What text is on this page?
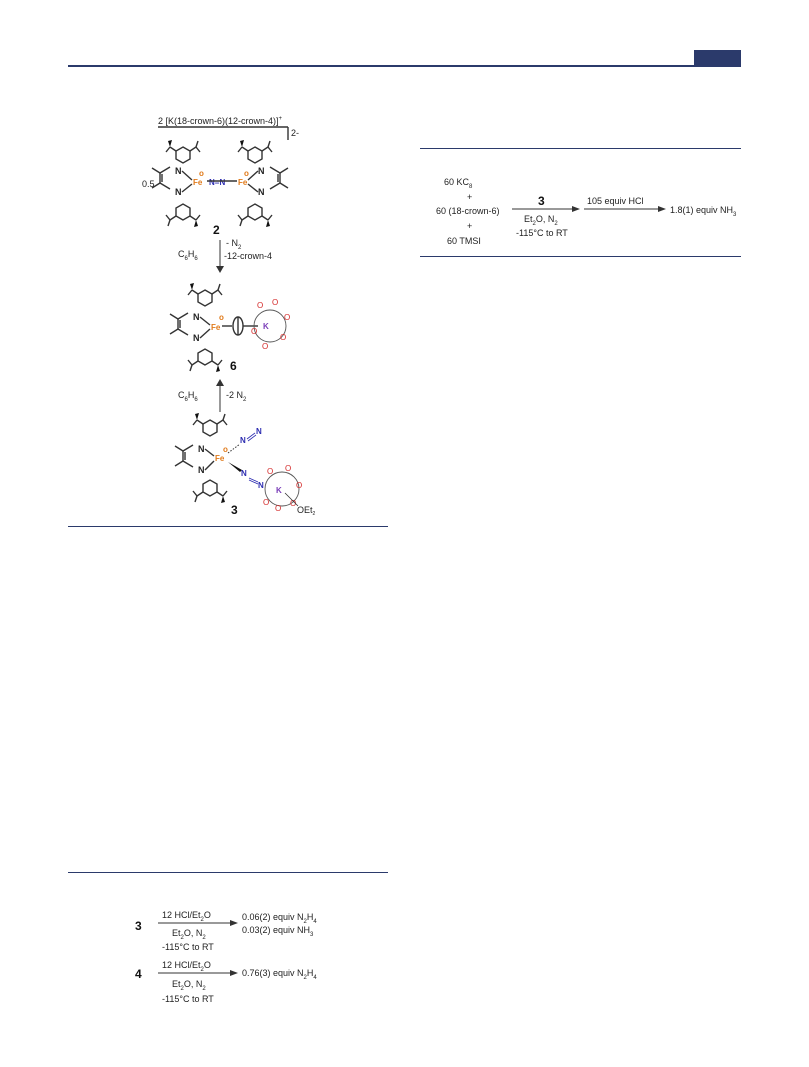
2 [K(18-crown-6)(12-crown-4)]+
2-
0.5
N
N
Fe
o
N=N Fe
o N
N
2
$C_6H_6$
- $N_2$
-12-crown-4
N
N
Fe
o
O O
O
O
O
O
K
6
$C_6H_6$	-2 $N_2$
N
N
Fe
o
N
N
N
N
O O
O
O
O
O
K
OEt$_2$
3
60 $KC_8$
+
60 (18-crown-6)
+
60 TMSI
3
$Et_2O$, $N_2$
-115°C to RT
105 equiv HCl
1.8(1) equiv $NH_3$
3
12 HCl/$Et_2O$
$Et_2O$, $N_2$
-115°C to RT
0.06(2) equiv $N_2H_4$
0.03(2) equiv $NH_3$
4
12 HCl/$Et_2O$
$Et_2O$, $N_2$
-115°C to RT
0.76(3) equiv $N_2H_4$
